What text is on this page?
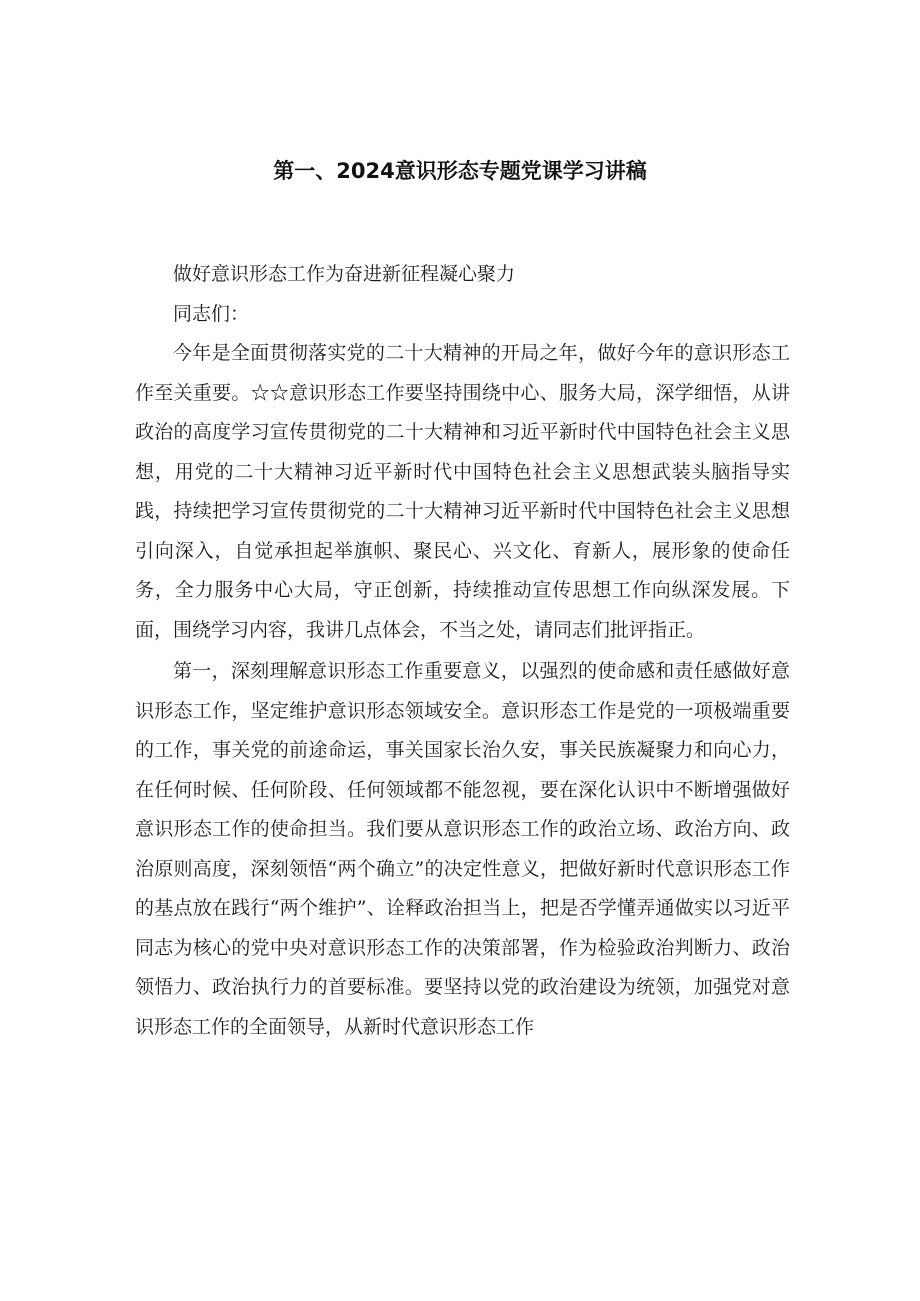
第一、2024意识形态专题党课学习讲稿

做好意识形态工作为奋进新征程凝心聚力

同志们：

今年是全面贯彻落实党的二十大精神的开局之年，做好今年的意识形态工作至关重要。☆☆意识形态工作要坚持围绕中心、服务大局，深学细悟，从讲政治的高度学习宣传贯彻党的二十大精神和习近平新时代中国特色社会主义思想，用党的二十大精神习近平新时代中国特色社会主义思想武装头脑指导实践，持续把学习宣传贯彻党的二十大精神习近平新时代中国特色社会主义思想引向深入，自觉承担起举旗帜、聚民心、兴文化、育新人，展形象的使命任务，全力服务中心大局，守正创新，持续推动宣传思想工作向纵深发展。下面，围绕学习内容，我讲几点体会，不当之处，请同志们批评指正。

第一，深刻理解意识形态工作重要意义，以强烈的使命感和责任感做好意识形态工作，坚定维护意识形态领域安全。意识形态工作是党的一项极端重要的工作，事关党的前途命运，事关国家长治久安，事关民族凝聚力和向心力，在任何时候、任何阶段、任何领域都不能忽视，要在深化认识中不断增强做好意识形态工作的使命担当。我们要从意识形态工作的政治立场、政治方向、政治原则高度，深刻领悟“两个确立”的决定性意义，把做好新时代意识形态工作的基点放在践行“两个维护”、诠释政治担当上，把是否学懂弄通做实以习近平同志为核心的党中央对意识形态工作的决策部署，作为检验政治判断力、政治领悟力、政治执行力的首要标准。要坚持以党的政治建设为统领，加强党对意识形态工作的全面领导，从新时代意识形态工作
